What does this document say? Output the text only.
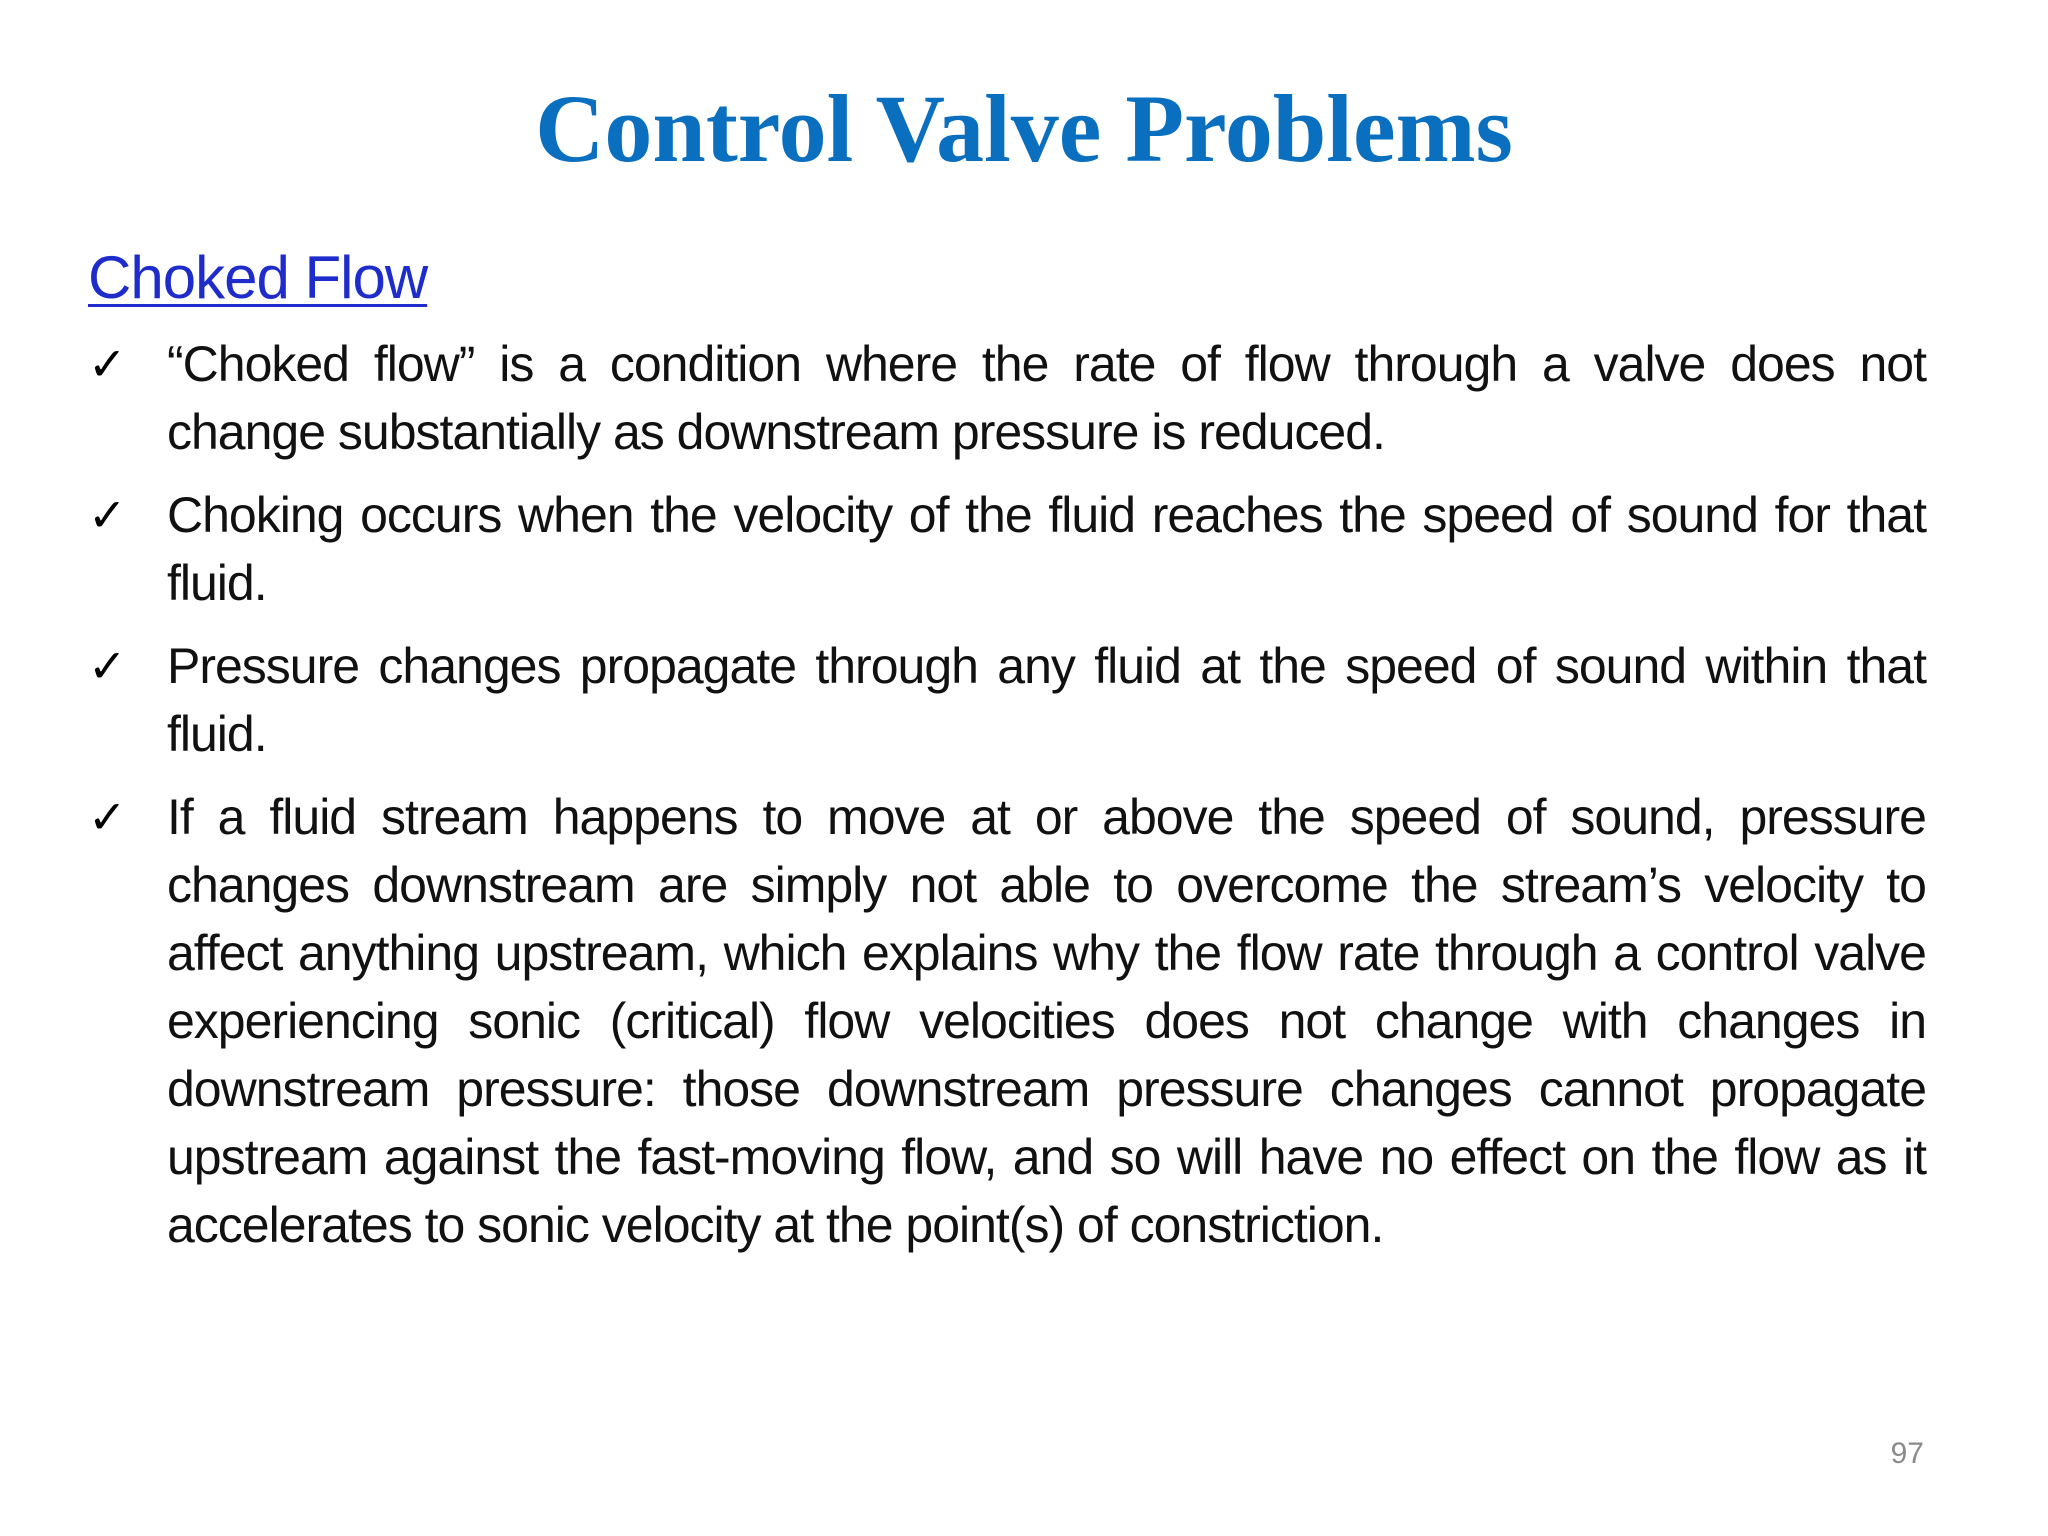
Control Valve Problems
Choked Flow
✓ “Choked flow” is a condition where the rate of flow through a valve does not change substantially as downstream pressure is reduced.
✓ Choking occurs when the velocity of the fluid reaches the speed of sound for that fluid.
✓ Pressure changes propagate through any fluid at the speed of sound within that fluid.
✓ If a fluid stream happens to move at or above the speed of sound, pressure changes downstream are simply not able to overcome the stream’s velocity to affect anything upstream, which explains why the flow rate through a control valve experiencing sonic (critical) flow velocities does not change with changes in downstream pressure: those downstream pressure changes cannot propagate upstream against the fast-moving flow, and so will have no effect on the flow as it accelerates to sonic velocity at the point(s) of constriction.
97
